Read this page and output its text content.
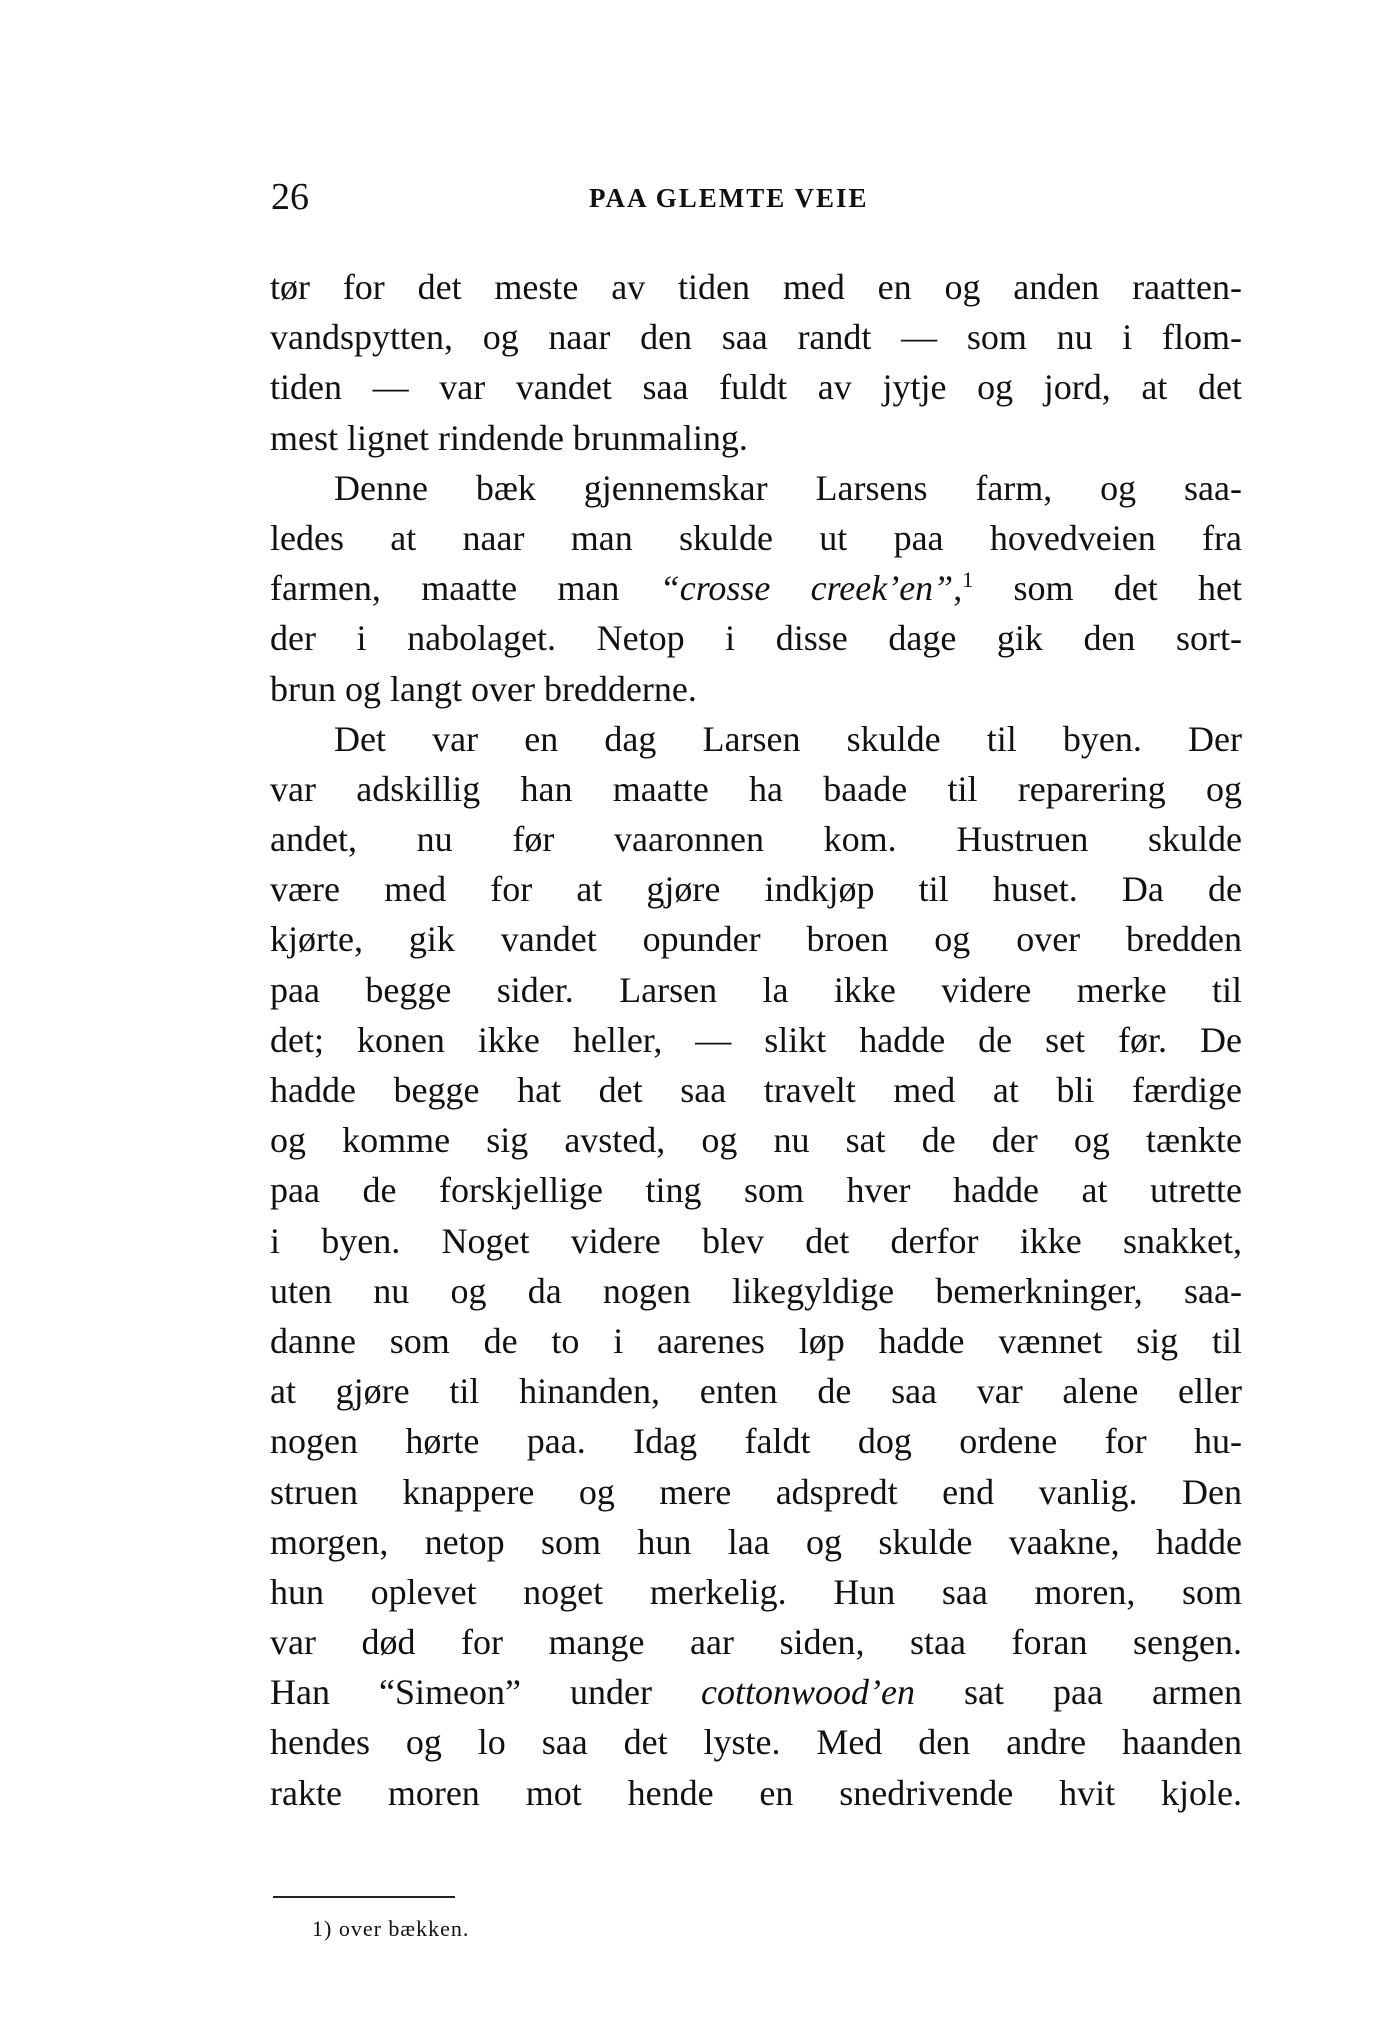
26	PAA GLEMTE VEIE
tør for det meste av tiden med en og anden raatten-
vandspytten, og naar den saa randt — som nu i flom-
tiden — var vandet saa fuldt av jytje og jord, at det
mest lignet rindende brunmaling.
Denne bæk gjennemskar Larsens farm, og saa-
ledes at naar man skulde ut paa hovedveien fra
farmen, maatte man “crosse creek’en”,$^1$ som det het
der i nabolaget. Netop i disse dage gik den sort-
brun og langt over bredderne.
Det var en dag Larsen skulde til byen. Der
var adskillig han maatte ha baade til reparering og
andet, nu før vaaronnen kom. Hustruen skulde
være med for at gjøre indkjøp til huset. Da de
kjørte, gik vandet opunder broen og over bredden
paa begge sider. Larsen la ikke videre merke til
det; konen ikke heller, — slikt hadde de set før. De
hadde begge hat det saa travelt med at bli færdige
og komme sig avsted, og nu sat de der og tænkte
paa de forskjellige ting som hver hadde at utrette
i byen. Noget videre blev det derfor ikke snakket,
uten nu og da nogen likegyldige bemerkninger, saa-
danne som de to i aarenes løp hadde vænnet sig til
at gjøre til hinanden, enten de saa var alene eller
nogen hørte paa. Idag faldt dog ordene for hu-
struen knappere og mere adspredt end vanlig. Den
morgen, netop som hun laa og skulde vaakne, hadde
hun oplevet noget merkelig. Hun saa moren, som
var død for mange aar siden, staa foran sengen.
Han “Simeon” under cottonwood’en sat paa armen
hendes og lo saa det lyste. Med den andre haanden
rakte moren mot hende en snedrivende hvit kjole.
1) over bækken.
